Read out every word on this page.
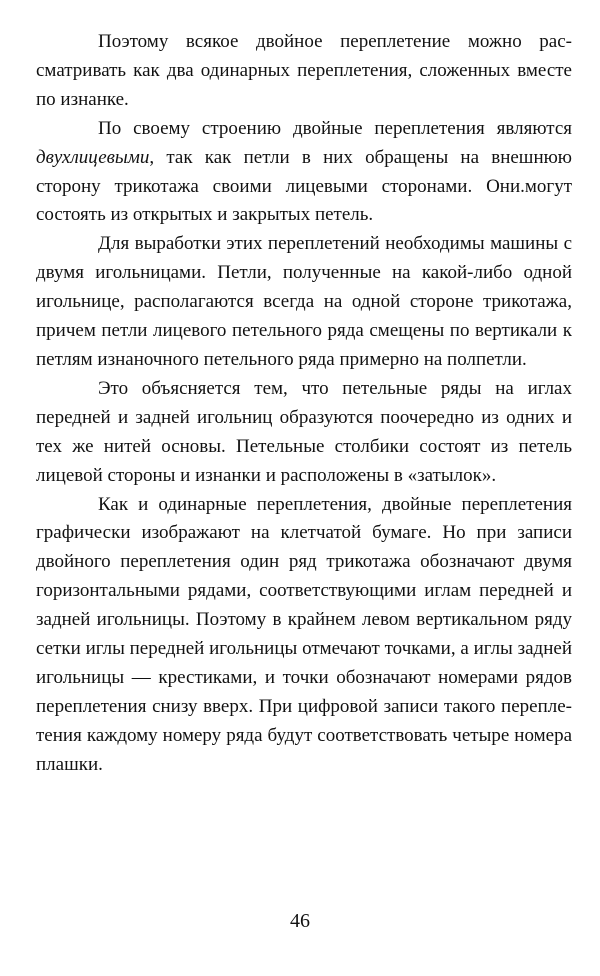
Поэтому всякое двойное переплетение можно рассматривать как два одинарных переплетения, сложенных вместе по изнанке.

По своему строению двойные переплетения являются двухлицевыми, так как петли в них обращены на внешнюю сторону трикотажа своими лицевыми сторонами. Они.могут состоять из открытых и закрытых петель.

Для выработки этих переплетений необходимы машины с двумя игольницами. Петли, полученные на какой-либо одной игольнице, располагаются всегда на одной стороне трикотажа, причем петли лицевого петельного ряда смещены по вертикали к петлям изнаночного петельного ряда примерно на полпетли.

Это объясняется тем, что петельные ряды на иглах передней и задней игольниц образуются поочередно из одних и тех же нитей основы. Петельные столбики состоят из петель лицевой стороны и изнанки и расположены в «затылок».

Как и одинарные переплетения, двойные переплетения графически изображают на клетчатой бумаге. Но при записи двойного переплетения один ряд трикотажа обозначают двумя горизонтальными рядами, соответствующими иглам передней и задней игольницы. Поэтому в крайнем левом вертикальном ряду сетки иглы передней игольницы отмечают точками, а иглы задней игольницы — крестиками, и точки обозначают номерами рядов переплетения снизу вверх. При цифровой записи такого переплетения каждому номеру ряда будут соответствовать четыре номера плашки.

46
